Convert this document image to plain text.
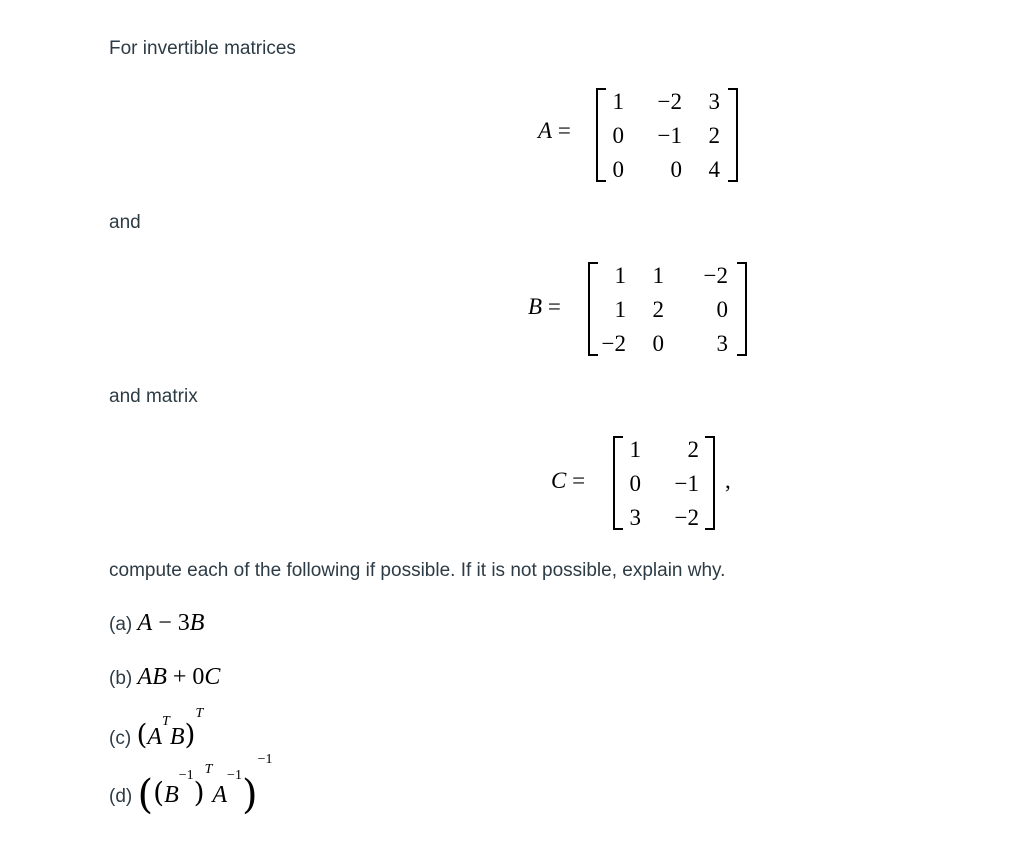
For invertible matrices
A =
1	−2	3
0	−1	2
0	0	4
and
B =
1	1	−2
1	2	0
−2	0	3
and matrix
C =
1	2
0	−1
3	−2
,
compute each of the following if possible. If it is not possible, explain why.
(a) A − 3B
(b) AB + 0C
(c) $(A^TB)^T$
(d) $((B^{-1})^TA^{-1})^{-1}$
